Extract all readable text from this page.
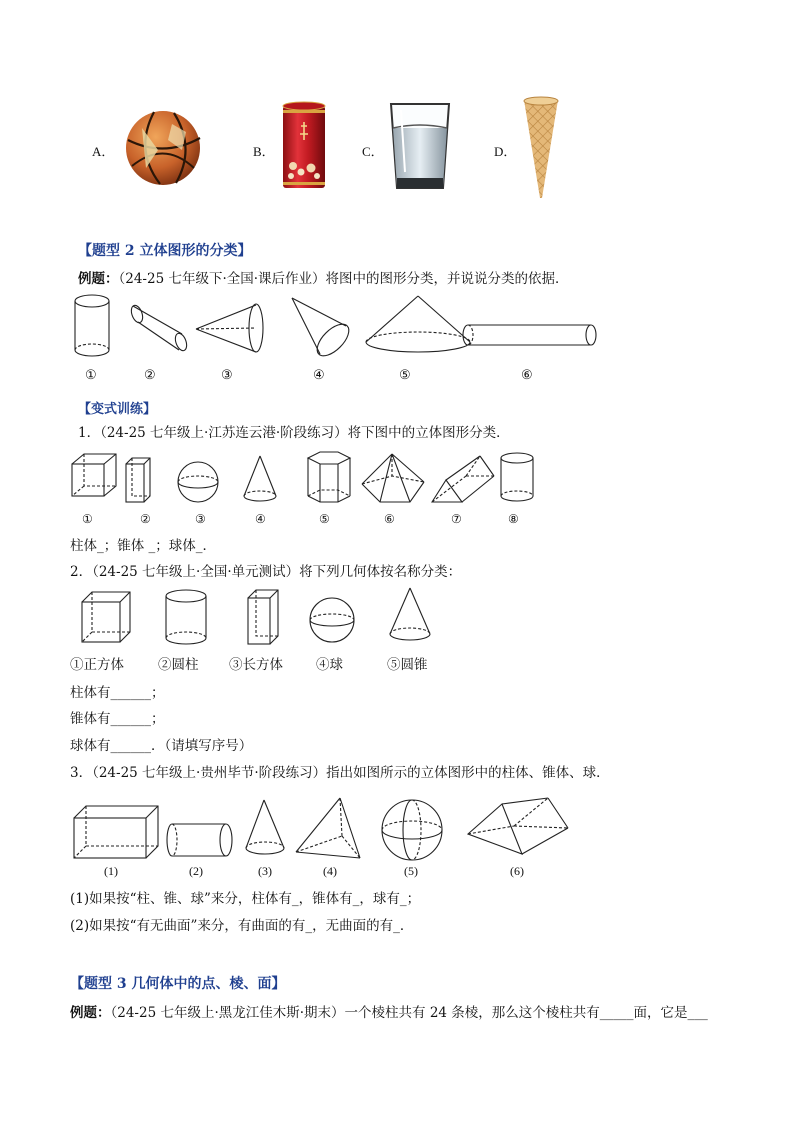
A．	B．	C．	D．
【题型 2 立体图形的分类】
例题：（24-25 七年级下·全国·课后作业）将图中的图形分类，并说说分类的依据．
①	②	③	④	⑤	⑥
【变式训练】
1．（24-25 七年级上·江苏连云港·阶段练习）将下图中的立体图形分类．
①	②	③	④	⑤	⑥	⑦	⑧
柱体_；锥体 _；球体_．
2．（24-25 七年级上·全国·单元测试）将下列几何体按名称分类：
①正方体	②圆柱 ③长方体 ④球	⑤圆锥
柱体有______；
锥体有______；
球体有______．（请填写序号）
3．（24-25 七年级上·贵州毕节·阶段练习）指出如图所示的立体图形中的柱体、锥体、球．
(1)	(2)	(3)	(4)	(5)	(6)
(1)如果按“柱、锥、球”来分，柱体有_，锥体有_，球有_；
(2)如果按“有无曲面”来分，有曲面的有_，无曲面的有_．
【题型 3 几何体中的点、棱、面】
例题：（24-25 七年级上·黑龙江佳木斯·期末）一个棱柱共有 24 条棱，那么这个棱柱共有_____面，它是___
